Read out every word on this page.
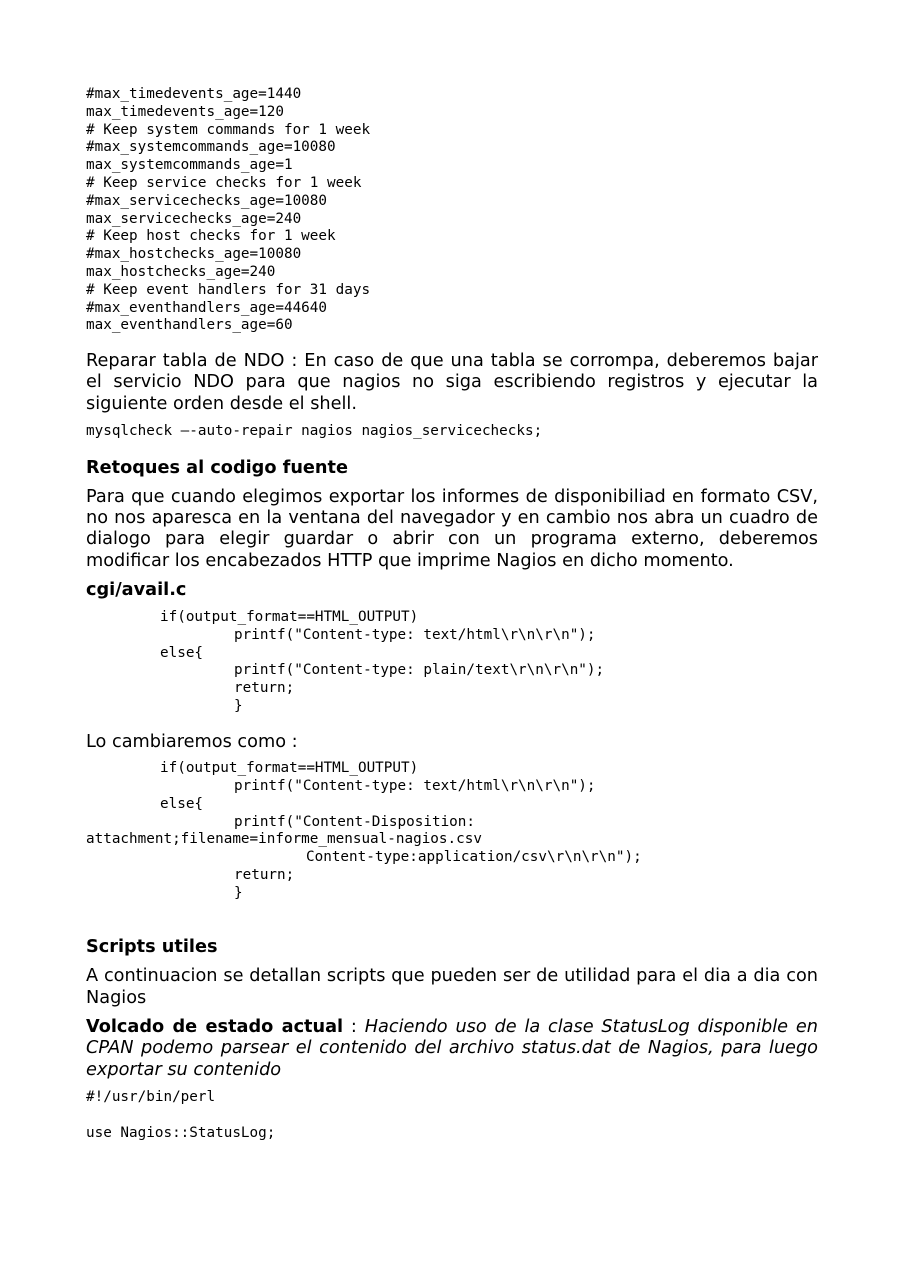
#max_timedevents_age=1440
max_timedevents_age=120
# Keep system commands for 1 week
#max_systemcommands_age=10080
max_systemcommands_age=1
# Keep service checks for 1 week
#max_servicechecks_age=10080
max_servicechecks_age=240
# Keep host checks for 1 week
#max_hostchecks_age=10080
max_hostchecks_age=240
# Keep event handlers for 31 days
#max_eventhandlers_age=44640
max_eventhandlers_age=60

Reparar tabla de NDO : En caso de que una tabla se corrompa, deberemos bajar el servicio NDO para que nagios no siga escribiendo registros y ejecutar la siguiente orden desde el shell.

mysqlcheck –-auto-repair nagios nagios_servicechecks;
Retoques al codigo fuente

Para que cuando elegimos exportar los informes de disponibiliad en formato CSV, no nos aparesca en la ventana del navegador y en cambio nos abra un cuadro de dialogo para elegir guardar o abrir con un programa externo, deberemos modificar los encabezados HTTP que imprime Nagios en dicho momento.

cgi/avail.c
if(output_format==HTML_OUTPUT)
printf("Content-type: text/html\r\n\r\n");
else{
printf("Content-type: plain/text\r\n\r\n");
return;
}

Lo cambiaremos como :

if(output_format==HTML_OUTPUT)
printf("Content-type: text/html\r\n\r\n");
else{
printf("Content-Disposition:
attachment;filename=informe_mensual-nagios.csv
Content-type:application/csv\r\n\r\n");
return;
}
Scripts utiles

A continuacion se detallan scripts que pueden ser de utilidad para el dia a dia con Nagios

Volcado de estado actual : Haciendo uso de la clase StatusLog disponible en CPAN podemo parsear el contenido del archivo status.dat de Nagios, para luego exportar su contenido

#!/usr/bin/perl
use Nagios::StatusLog;
